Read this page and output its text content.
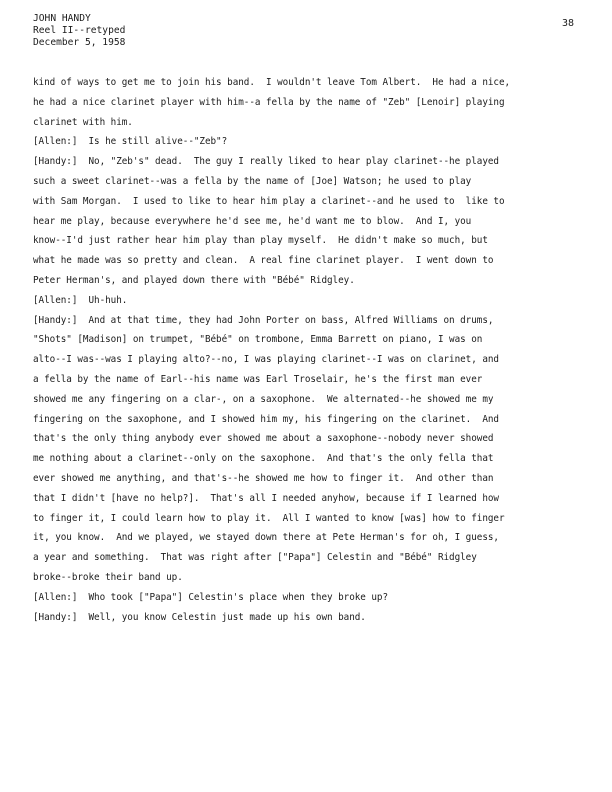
JOHN HANDY
Reel II--retyped
December 5, 1958
38
kind of ways to get me to join his band.  I wouldn't leave Tom Albert.  He had a nice,
he had a nice clarinet player with him--a fella by the name of "Zeb" [Lenoir] playing
clarinet with him.
[Allen:]  Is he still alive--"Zeb"?
[Handy:]  No, "Zeb's" dead.  The guy I really liked to hear play clarinet--he played
such a sweet clarinet--was a fella by the name of [Joe] Watson; he used to play
with Sam Morgan.  I used to like to hear him play a clarinet--and he used to  like to
hear me play, because everywhere he'd see me, he'd want me to blow.  And I, you
know--I'd just rather hear him play than play myself.  He didn't make so much, but
what he made was so pretty and clean.  A real fine clarinet player.  I went down to
Peter Herman's, and played down there with "Bébé" Ridgley.
[Allen:]  Uh-huh.
[Handy:]  And at that time, they had John Porter on bass, Alfred Williams on drums,
"Shots" [Madison] on trumpet, "Bébé" on trombone, Emma Barrett on piano, I was on
alto--I was--was I playing alto?--no, I was playing clarinet--I was on clarinet, and
a fella by the name of Earl--his name was Earl Troselair, he's the first man ever
showed me any fingering on a clar-, on a saxophone.  We alternated--he showed me my
fingering on the saxophone, and I showed him my, his fingering on the clarinet.  And
that's the only thing anybody ever showed me about a saxophone--nobody never showed
me nothing about a clarinet--only on the saxophone.  And that's the only fella that
ever showed me anything, and that's--he showed me how to finger it.  And other than
that I didn't [have no help?].  That's all I needed anyhow, because if I learned how
to finger it, I could learn how to play it.  All I wanted to know [was] how to finger
it, you know.  And we played, we stayed down there at Pete Herman's for oh, I guess,
a year and something.  That was right after ["Papa"] Celestin and "Bébé" Ridgley
broke--broke their band up.
[Allen:]  Who took ["Papa"] Celestin's place when they broke up?
[Handy:]  Well, you know Celestin just made up his own band.
